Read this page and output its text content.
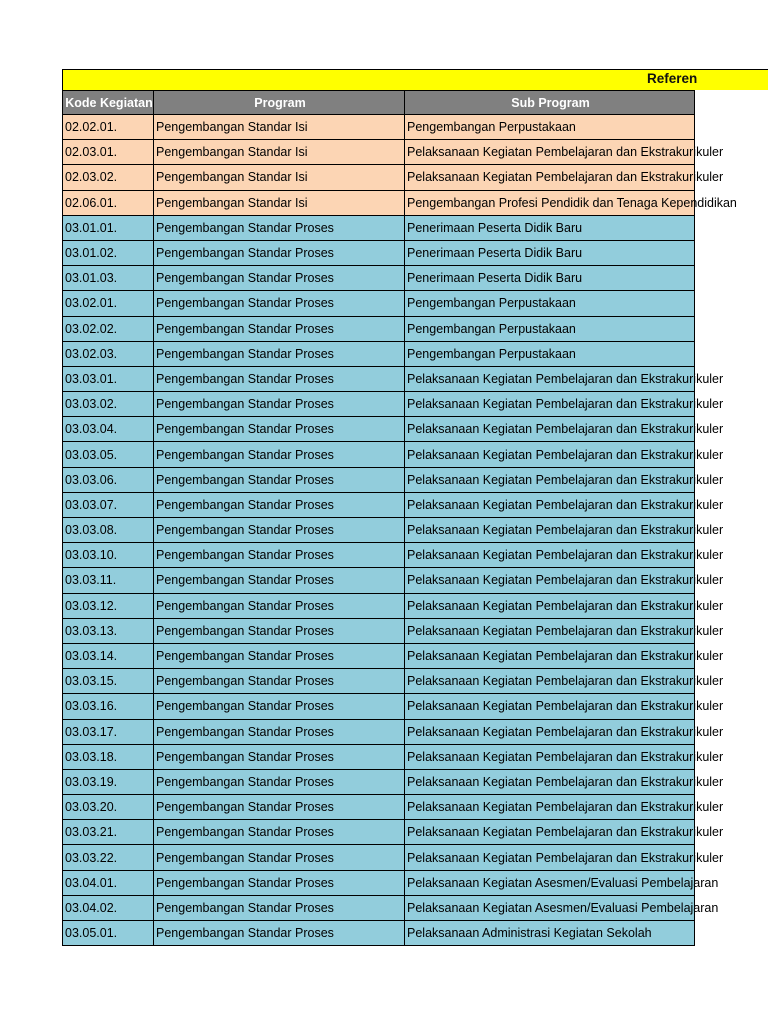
Referen
Kode Kegiatan	Program	Sub Program
02.02.01.	Pengembangan Standar Isi	Pengembangan Perpustakaan
02.03.01.	Pengembangan Standar Isi	Pelaksanaan Kegiatan Pembelajaran dan Ekstrakurikuler
02.03.02.	Pengembangan Standar Isi	Pelaksanaan Kegiatan Pembelajaran dan Ekstrakurikuler
02.06.01.	Pengembangan Standar Isi	Pengembangan Profesi Pendidik dan Tenaga Kependidikan
03.01.01.	Pengembangan Standar Proses	Penerimaan Peserta Didik Baru
03.01.02.	Pengembangan Standar Proses	Penerimaan Peserta Didik Baru
03.01.03.	Pengembangan Standar Proses	Penerimaan Peserta Didik Baru
03.02.01.	Pengembangan Standar Proses	Pengembangan Perpustakaan
03.02.02.	Pengembangan Standar Proses	Pengembangan Perpustakaan
03.02.03.	Pengembangan Standar Proses	Pengembangan Perpustakaan
03.03.01.	Pengembangan Standar Proses	Pelaksanaan Kegiatan Pembelajaran dan Ekstrakurikuler
03.03.02.	Pengembangan Standar Proses	Pelaksanaan Kegiatan Pembelajaran dan Ekstrakurikuler
03.03.04.	Pengembangan Standar Proses	Pelaksanaan Kegiatan Pembelajaran dan Ekstrakurikuler
03.03.05.	Pengembangan Standar Proses	Pelaksanaan Kegiatan Pembelajaran dan Ekstrakurikuler
03.03.06.	Pengembangan Standar Proses	Pelaksanaan Kegiatan Pembelajaran dan Ekstrakurikuler
03.03.07.	Pengembangan Standar Proses	Pelaksanaan Kegiatan Pembelajaran dan Ekstrakurikuler
03.03.08.	Pengembangan Standar Proses	Pelaksanaan Kegiatan Pembelajaran dan Ekstrakurikuler
03.03.10.	Pengembangan Standar Proses	Pelaksanaan Kegiatan Pembelajaran dan Ekstrakurikuler
03.03.11.	Pengembangan Standar Proses	Pelaksanaan Kegiatan Pembelajaran dan Ekstrakurikuler
03.03.12.	Pengembangan Standar Proses	Pelaksanaan Kegiatan Pembelajaran dan Ekstrakurikuler
03.03.13.	Pengembangan Standar Proses	Pelaksanaan Kegiatan Pembelajaran dan Ekstrakurikuler
03.03.14.	Pengembangan Standar Proses	Pelaksanaan Kegiatan Pembelajaran dan Ekstrakurikuler
03.03.15.	Pengembangan Standar Proses	Pelaksanaan Kegiatan Pembelajaran dan Ekstrakurikuler
03.03.16.	Pengembangan Standar Proses	Pelaksanaan Kegiatan Pembelajaran dan Ekstrakurikuler
03.03.17.	Pengembangan Standar Proses	Pelaksanaan Kegiatan Pembelajaran dan Ekstrakurikuler
03.03.18.	Pengembangan Standar Proses	Pelaksanaan Kegiatan Pembelajaran dan Ekstrakurikuler
03.03.19.	Pengembangan Standar Proses	Pelaksanaan Kegiatan Pembelajaran dan Ekstrakurikuler
03.03.20.	Pengembangan Standar Proses	Pelaksanaan Kegiatan Pembelajaran dan Ekstrakurikuler
03.03.21.	Pengembangan Standar Proses	Pelaksanaan Kegiatan Pembelajaran dan Ekstrakurikuler
03.03.22.	Pengembangan Standar Proses	Pelaksanaan Kegiatan Pembelajaran dan Ekstrakurikuler
03.04.01.	Pengembangan Standar Proses	Pelaksanaan Kegiatan Asesmen/Evaluasi Pembelajaran
03.04.02.	Pengembangan Standar Proses	Pelaksanaan Kegiatan Asesmen/Evaluasi Pembelajaran
03.05.01.	Pengembangan Standar Proses	Pelaksanaan Administrasi Kegiatan Sekolah
